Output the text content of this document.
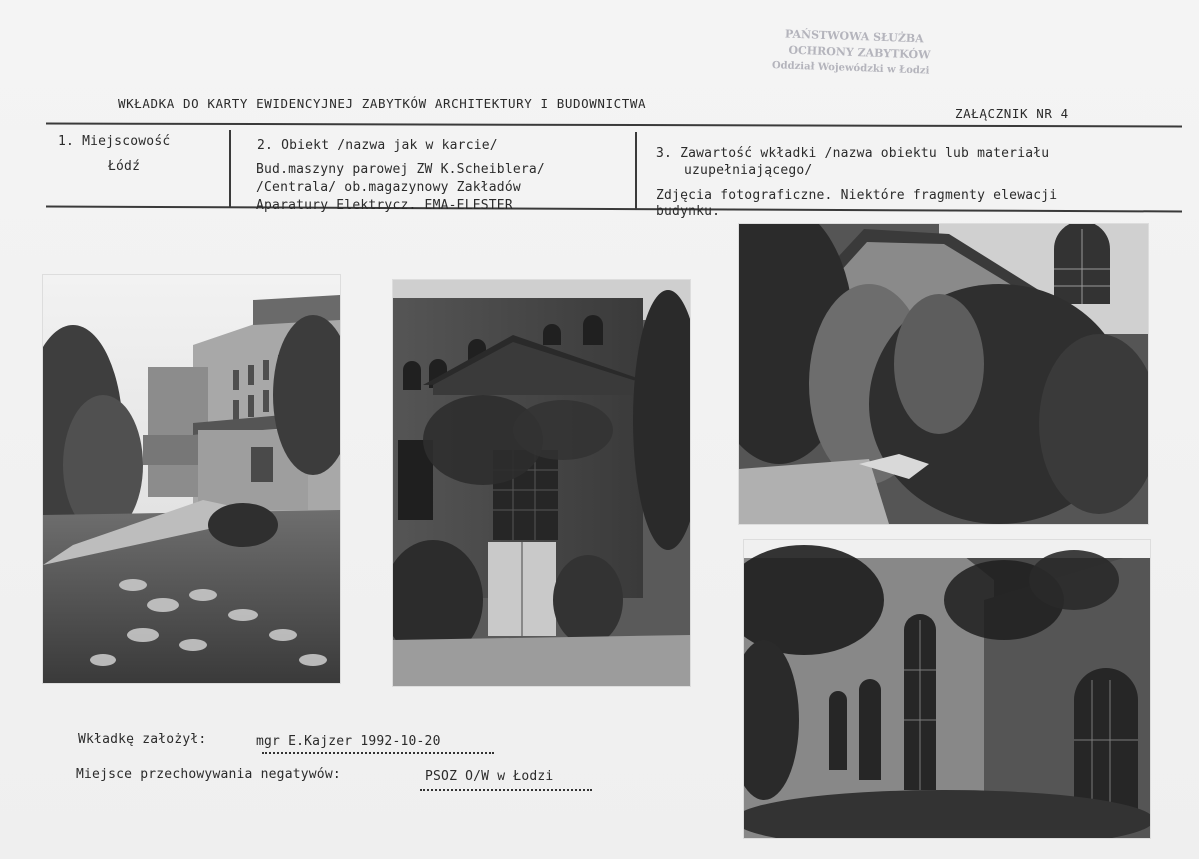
PAŃSTWOWA SŁUŻBA
OCHRONY ZABYTKÓW
Oddział Wojewódzki w Łodzi
WKŁADKA DO KARTY EWIDENCYJNEJ ZABYTKÓW ARCHITEKTURY I BUDOWNICTWA
ZAŁĄCZNIK NR 4
1. Miejscowość
Łódź
2. Obiekt /nazwa jak w karcie/
Bud.maszyny parowej ZW K.Scheiblera/
/Centrala/ ob.magazynowy Zakładów
Aparatury Elektrycz. EMA-ELESTER
3. Zawartość wkładki /nazwa obiektu lub materiału
uzupełniającego/
Zdjęcia fotograficzne. Niektóre fragmenty elewacji
budynku.
Wkładkę założył:	mgr E.Kajzer 1992-10-20
Miejsce przechowywania negatywów:	PSOZ O/W w Łodzi
